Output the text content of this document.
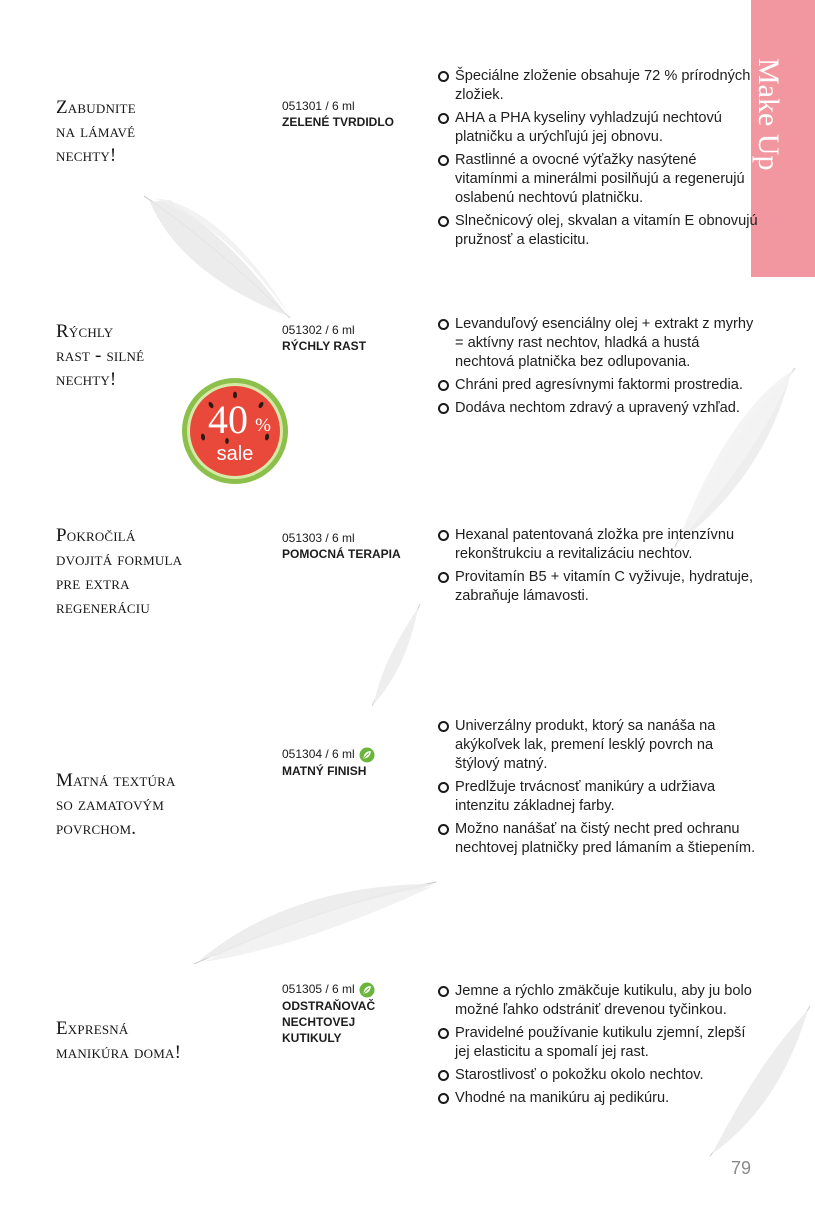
Make Up
Zabudnite
na lámavé
nechty!
051301 / 6 ml
ZELENÉ TVRDIDLO
Špeciálne zloženie obsahuje 72 % prírodných zložiek.
AHA a PHA kyseliny vyhladzujú nechtovú platničku a urýchľujú jej obnovu.
Rastlinné a ovocné výťažky nasýtené vitamínmi a minerálmi posilňujú a regenerujú oslabenú nechtovú platničku.
Slnečnicový olej, skvalan a vitamín E obnovujú pružnosť a elasticitu.
Rýchly
rast - silné
nechty!
051302 / 6 ml
RÝCHLY RAST
Levanduľový esenciálny olej + extrakt z myrhy = aktívny rast nechtov, hladká a hustá nechtová platnička bez odlupovania.
Chráni pred agresívnymi faktormi prostredia.
Dodáva nechtom zdravý a upravený vzhľad.
40 %
sale
Pokročilá
dvojitá formula
pre extra
regeneráciu
051303 / 6 ml
POMOCNÁ TERAPIA
Hexanal patentovaná zložka pre intenzívnu rekonštrukciu a revitalizáciu nechtov.
Provitamín B5 + vitamín C vyživuje, hydratuje, zabraňuje lámavosti.
Matná textúra
so zamatovým
povrchom.
051304 / 6 ml
MATNÝ FINISH
Univerzálny produkt, ktorý sa nanáša na akýkoľvek lak, premení lesklý povrch na štýlový matný.
Predlžuje trvácnosť manikúry a udržiava intenzitu základnej farby.
Možno nanášať na čistý necht pred ochranu nechtovej platničky pred lámaním a štiepením.
Expresná
manikúra doma!
051305 / 6 ml
ODSTRAŇOVAČ NECHTOVEJ KUTIKULY
Jemne a rýchlo zmäkčuje kutikulu, aby ju bolo možné ľahko odstrániť drevenou tyčinkou.
Pravidelné používanie kutikulu zjemní, zlepší jej elasticitu a spomalí jej rast.
Starostlivosť o pokožku okolo nechtov.
Vhodné na manikúru aj pedikúru.
79
